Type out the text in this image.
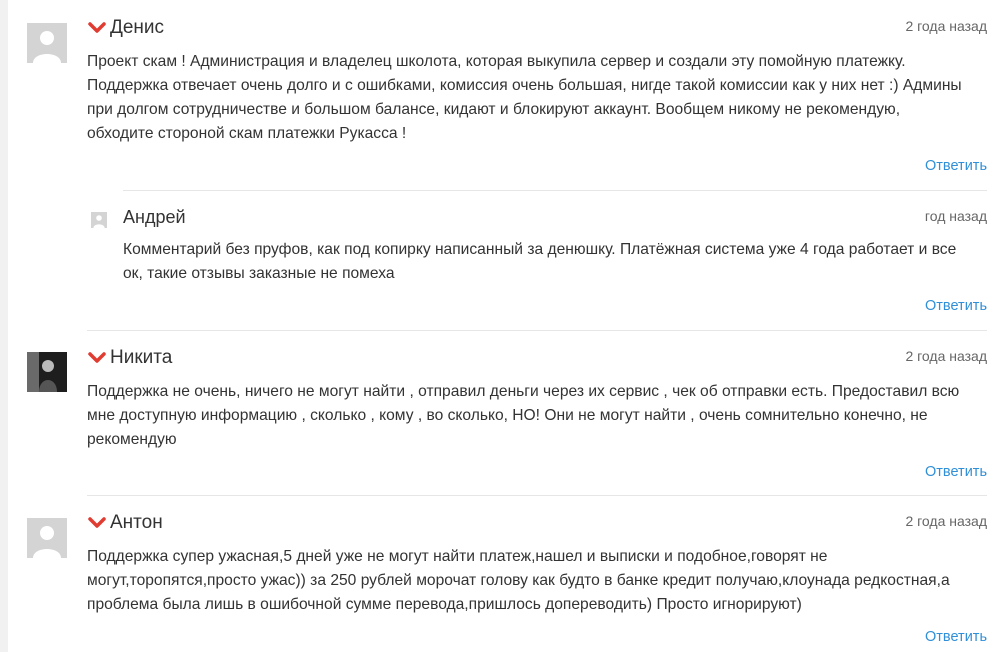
Денис	2 года назад
Проект скам ! Администрация и владелец школота, которая выкупила сервер и создали эту помойную платежку. Поддержка отвечает очень долго и с ошибками, комиссия очень большая, нигде такой комиссии как у них нет :) Админы при долгом сотрудничестве и большом балансе, кидают и блокируют аккаунт. Вообщем никому не рекомендую, обходите стороной скам платежки Рукасса !
Ответить
Андрей	год назад
Комментарий без пруфов, как под копирку написанный за денюшку. Платёжная система уже 4 года работает и все ок, такие отзывы заказные не помеха
Ответить
Никита	2 года назад
Поддержка не очень, ничего не могут найти , отправил деньги через их сервис , чек об отправки есть. Предоставил всю мне доступную информацию , сколько , кому , во сколько, НО! Они не могут найти , очень сомнительно конечно, не рекомендую
Ответить
Антон	2 года назад
Поддержка супер ужасная,5 дней уже не могут найти платеж,нашел и выписки и подобное,говорят не могут,торопятся,просто ужас)) за 250 рублей морочат голову как будто в банке кредит получаю,клоунада редкостная,а проблема была лишь в ошибочной сумме перевода,пришлось допереводить) Просто игнорируют)
Ответить
